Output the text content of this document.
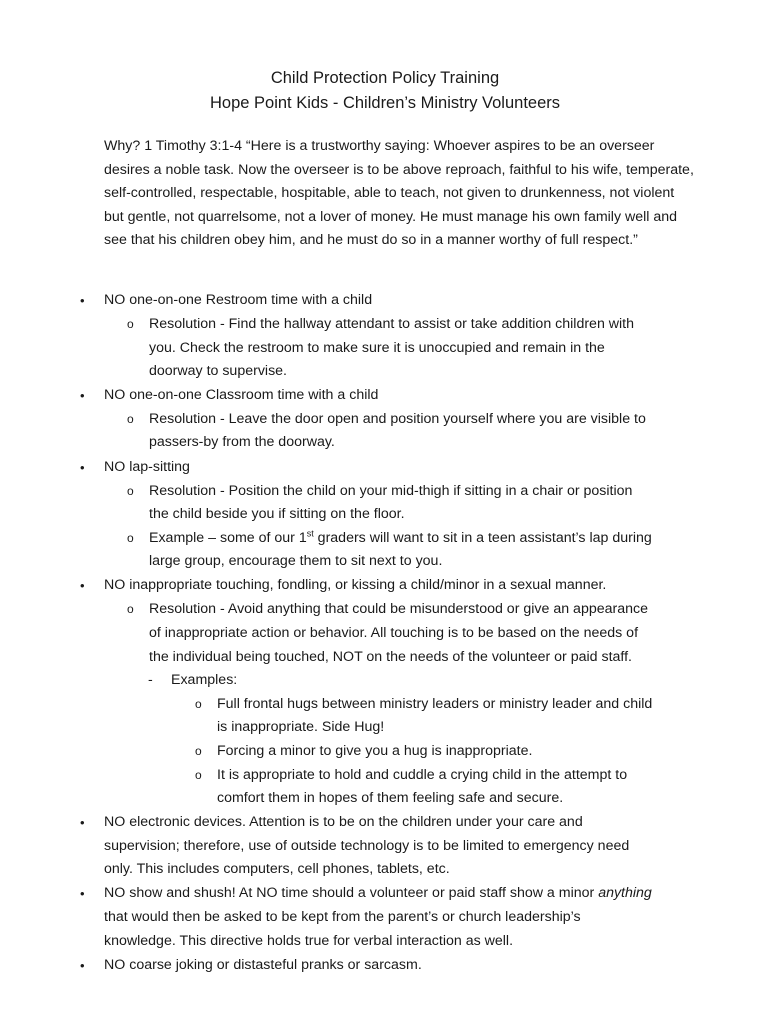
Child Protection Policy Training
Hope Point Kids - Children’s Ministry Volunteers

Why? 1 Timothy 3:1-4 “Here is a trustworthy saying: Whoever aspires to be an overseer desires a noble task. Now the overseer is to be above reproach, faithful to his wife, temperate, self-controlled, respectable, hospitable, able to teach, not given to drunkenness, not violent but gentle, not quarrelsome, not a lover of money. He must manage his own family well and see that his children obey him, and he must do so in a manner worthy of full respect.”

• NO one-on-one Restroom time with a child
o Resolution - Find the hallway attendant to assist or take addition children with
you. Check the restroom to make sure it is unoccupied and remain in the
doorway to supervise.
• NO one-on-one Classroom time with a child
o Resolution - Leave the door open and position yourself where you are visible to
passers-by from the doorway.
• NO lap-sitting
o Resolution - Position the child on your mid-thigh if sitting in a chair or position
the child beside you if sitting on the floor.
o Example – some of our 1st graders will want to sit in a teen assistant’s lap during
large group, encourage them to sit next to you.
• NO inappropriate touching, fondling, or kissing a child/minor in a sexual manner.
o Resolution - Avoid anything that could be misunderstood or give an appearance
of inappropriate action or behavior. All touching is to be based on the needs of
the individual being touched, NOT on the needs of the volunteer or paid staff.
- Examples:
o Full frontal hugs between ministry leaders or ministry leader and child
is inappropriate. Side Hug!
o Forcing a minor to give you a hug is inappropriate.
o It is appropriate to hold and cuddle a crying child in the attempt to
comfort them in hopes of them feeling safe and secure.
• NO electronic devices. Attention is to be on the children under your care and
supervision; therefore, use of outside technology is to be limited to emergency need
only. This includes computers, cell phones, tablets, etc.
• NO show and shush! At NO time should a volunteer or paid staff show a minor anything
that would then be asked to be kept from the parent’s or church leadership’s
knowledge. This directive holds true for verbal interaction as well.
• NO coarse joking or distasteful pranks or sarcasm.
